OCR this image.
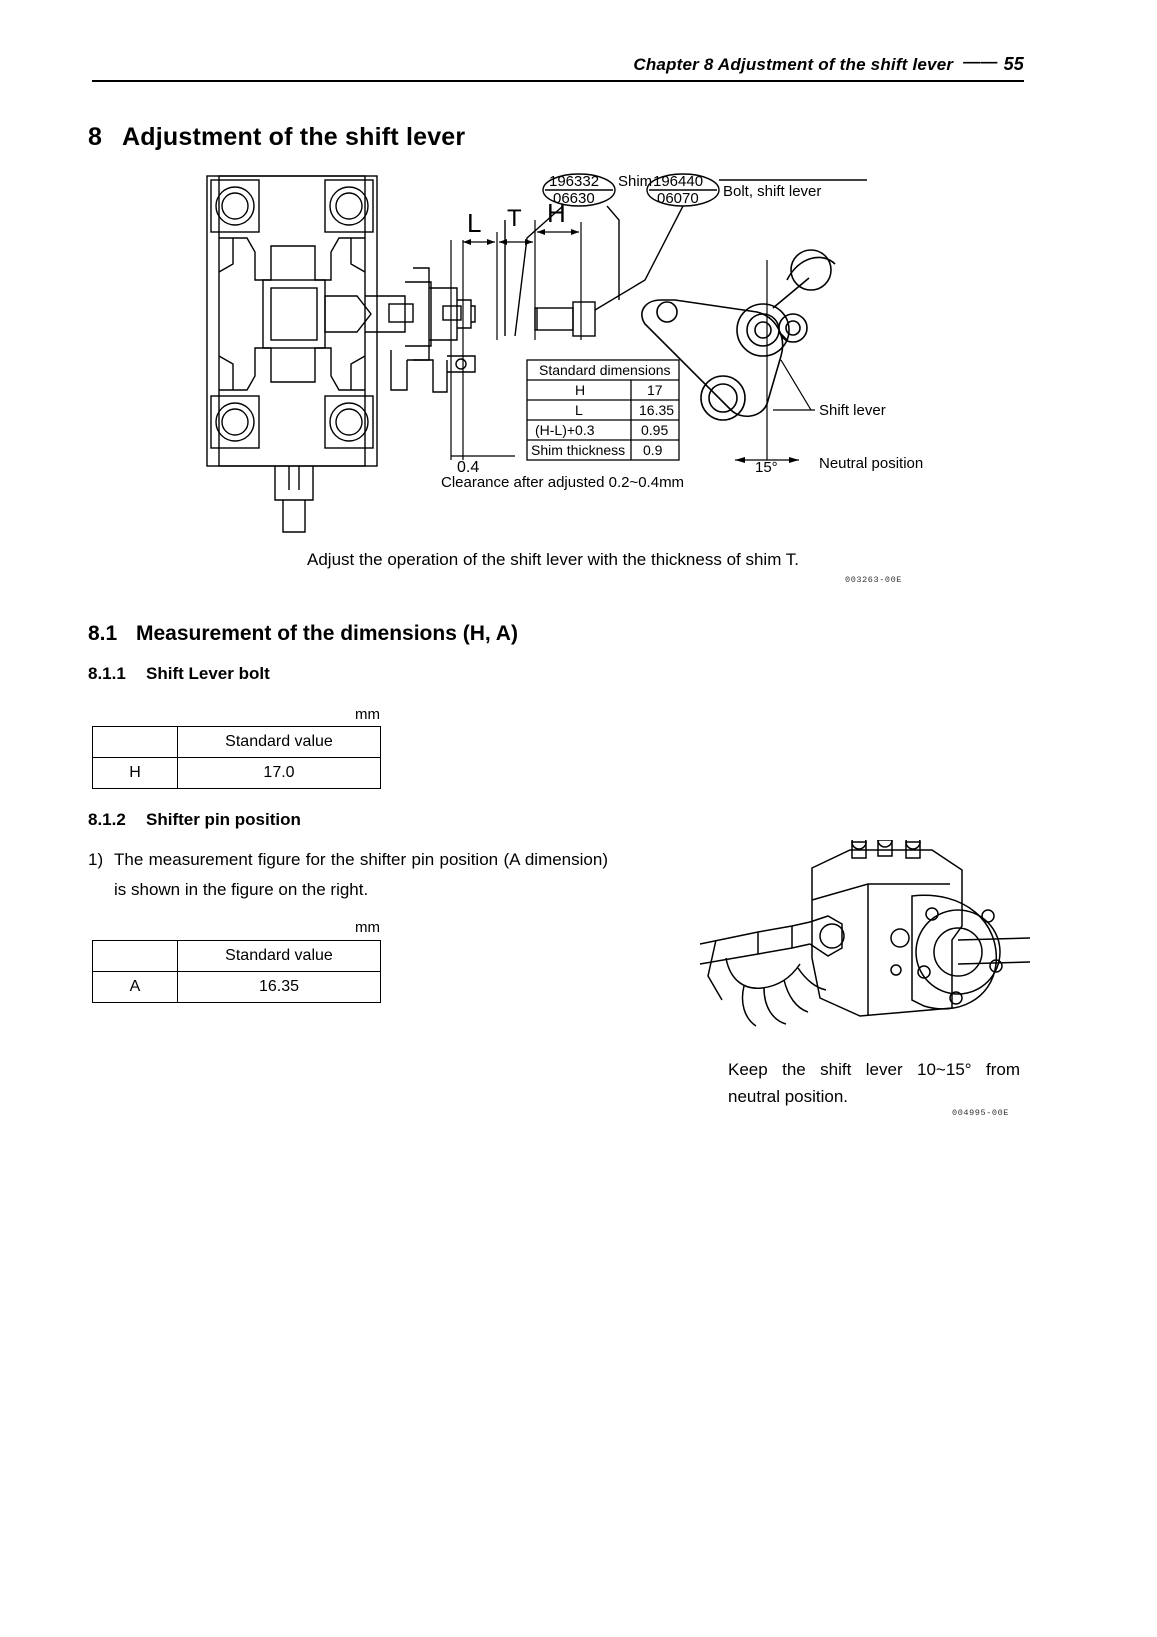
Chapter 8 Adjustment of the shift lever —— 55
8 Adjustment of the shift lever
L T H
0.4
196332
06630
Shim 196440
06070 Bolt, shift lever
15°
Shift lever
Neutral position
Standard dimensions
H	17
L	16.35
(H-L)+0.3	0.95
Shim thickness 0.9
Clearance after adjusted 0.2~0.4mm
Adjust the operation of the shift lever with the thickness of shim T.
003263-00E
8.1 Measurement of the dimensions (H, A)
8.1.1 Shift Lever bolt
mm
	Standard value
H	17.0
8.1.2 Shifter pin position
1) The measurement figure for the shifter pin position (A dimension) is shown in the figure on the right.
mm
	Standard value
A	16.35
Keep the shift lever 10~15° from neutral position.
004995-00E
